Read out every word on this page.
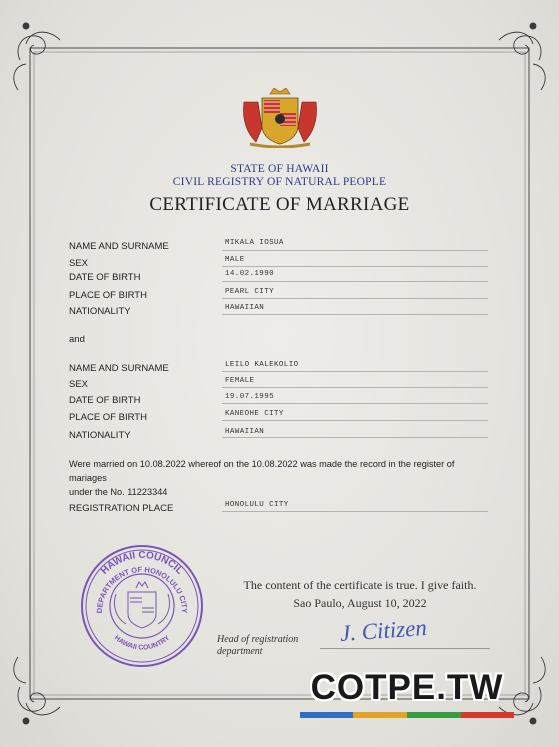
STATE OF HAWAII
CIVIL REGISTRY OF NATURAL PEOPLE
CERTIFICATE OF MARRIAGE
NAME AND SURNAME	MIKALA IOSUA
SEX	MALE
DATE OF BIRTH	14.02.1990
PLACE OF BIRTH	PEARL CITY
NATIONALITY	HAWAIIAN
and
NAME AND SURNAME	LEILO KALEKOLIO
SEX	FEMALE
DATE OF BIRTH	19.07.1995
PLACE OF BIRTH	KANEOHE CITY
NATIONALITY	HAWAIIAN
Were married on 10.08.2022 whereof on the 10.08.2022 was made the record in the register of mariages
under the No. 11223344
REGISTRATION PLACE	HONOLULU CITY
HAWAII COUNCIL
DEPARTMENT OF HONOLULU CITY
HAWAII COUNTRY
The content of the certificate is true. I give faith.
Sao Paulo, August 10, 2022
Head of registration
department
J. Citizen
COTPE.TW
